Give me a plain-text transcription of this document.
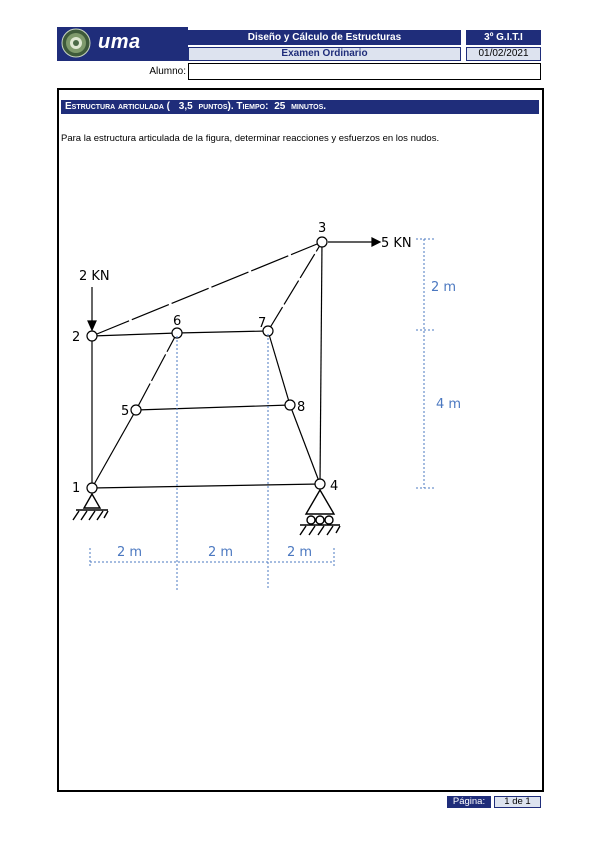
uma	Diseño y Cálculo de Estructuras
Examen Ordinario
3º G.I.T.I
01/02/2021
Alumno:
Estructura articulada ( 3,5 puntos). Tiempo: 25 minutos.
Para la estructura articulada de la figura, determinar reacciones y esfuerzos en los nudos.
1
2
3
4
5
6	7
8
2 KN
5 KN
2 m
4 m
2 m	2 m	2 m
Página:	1 de 1
